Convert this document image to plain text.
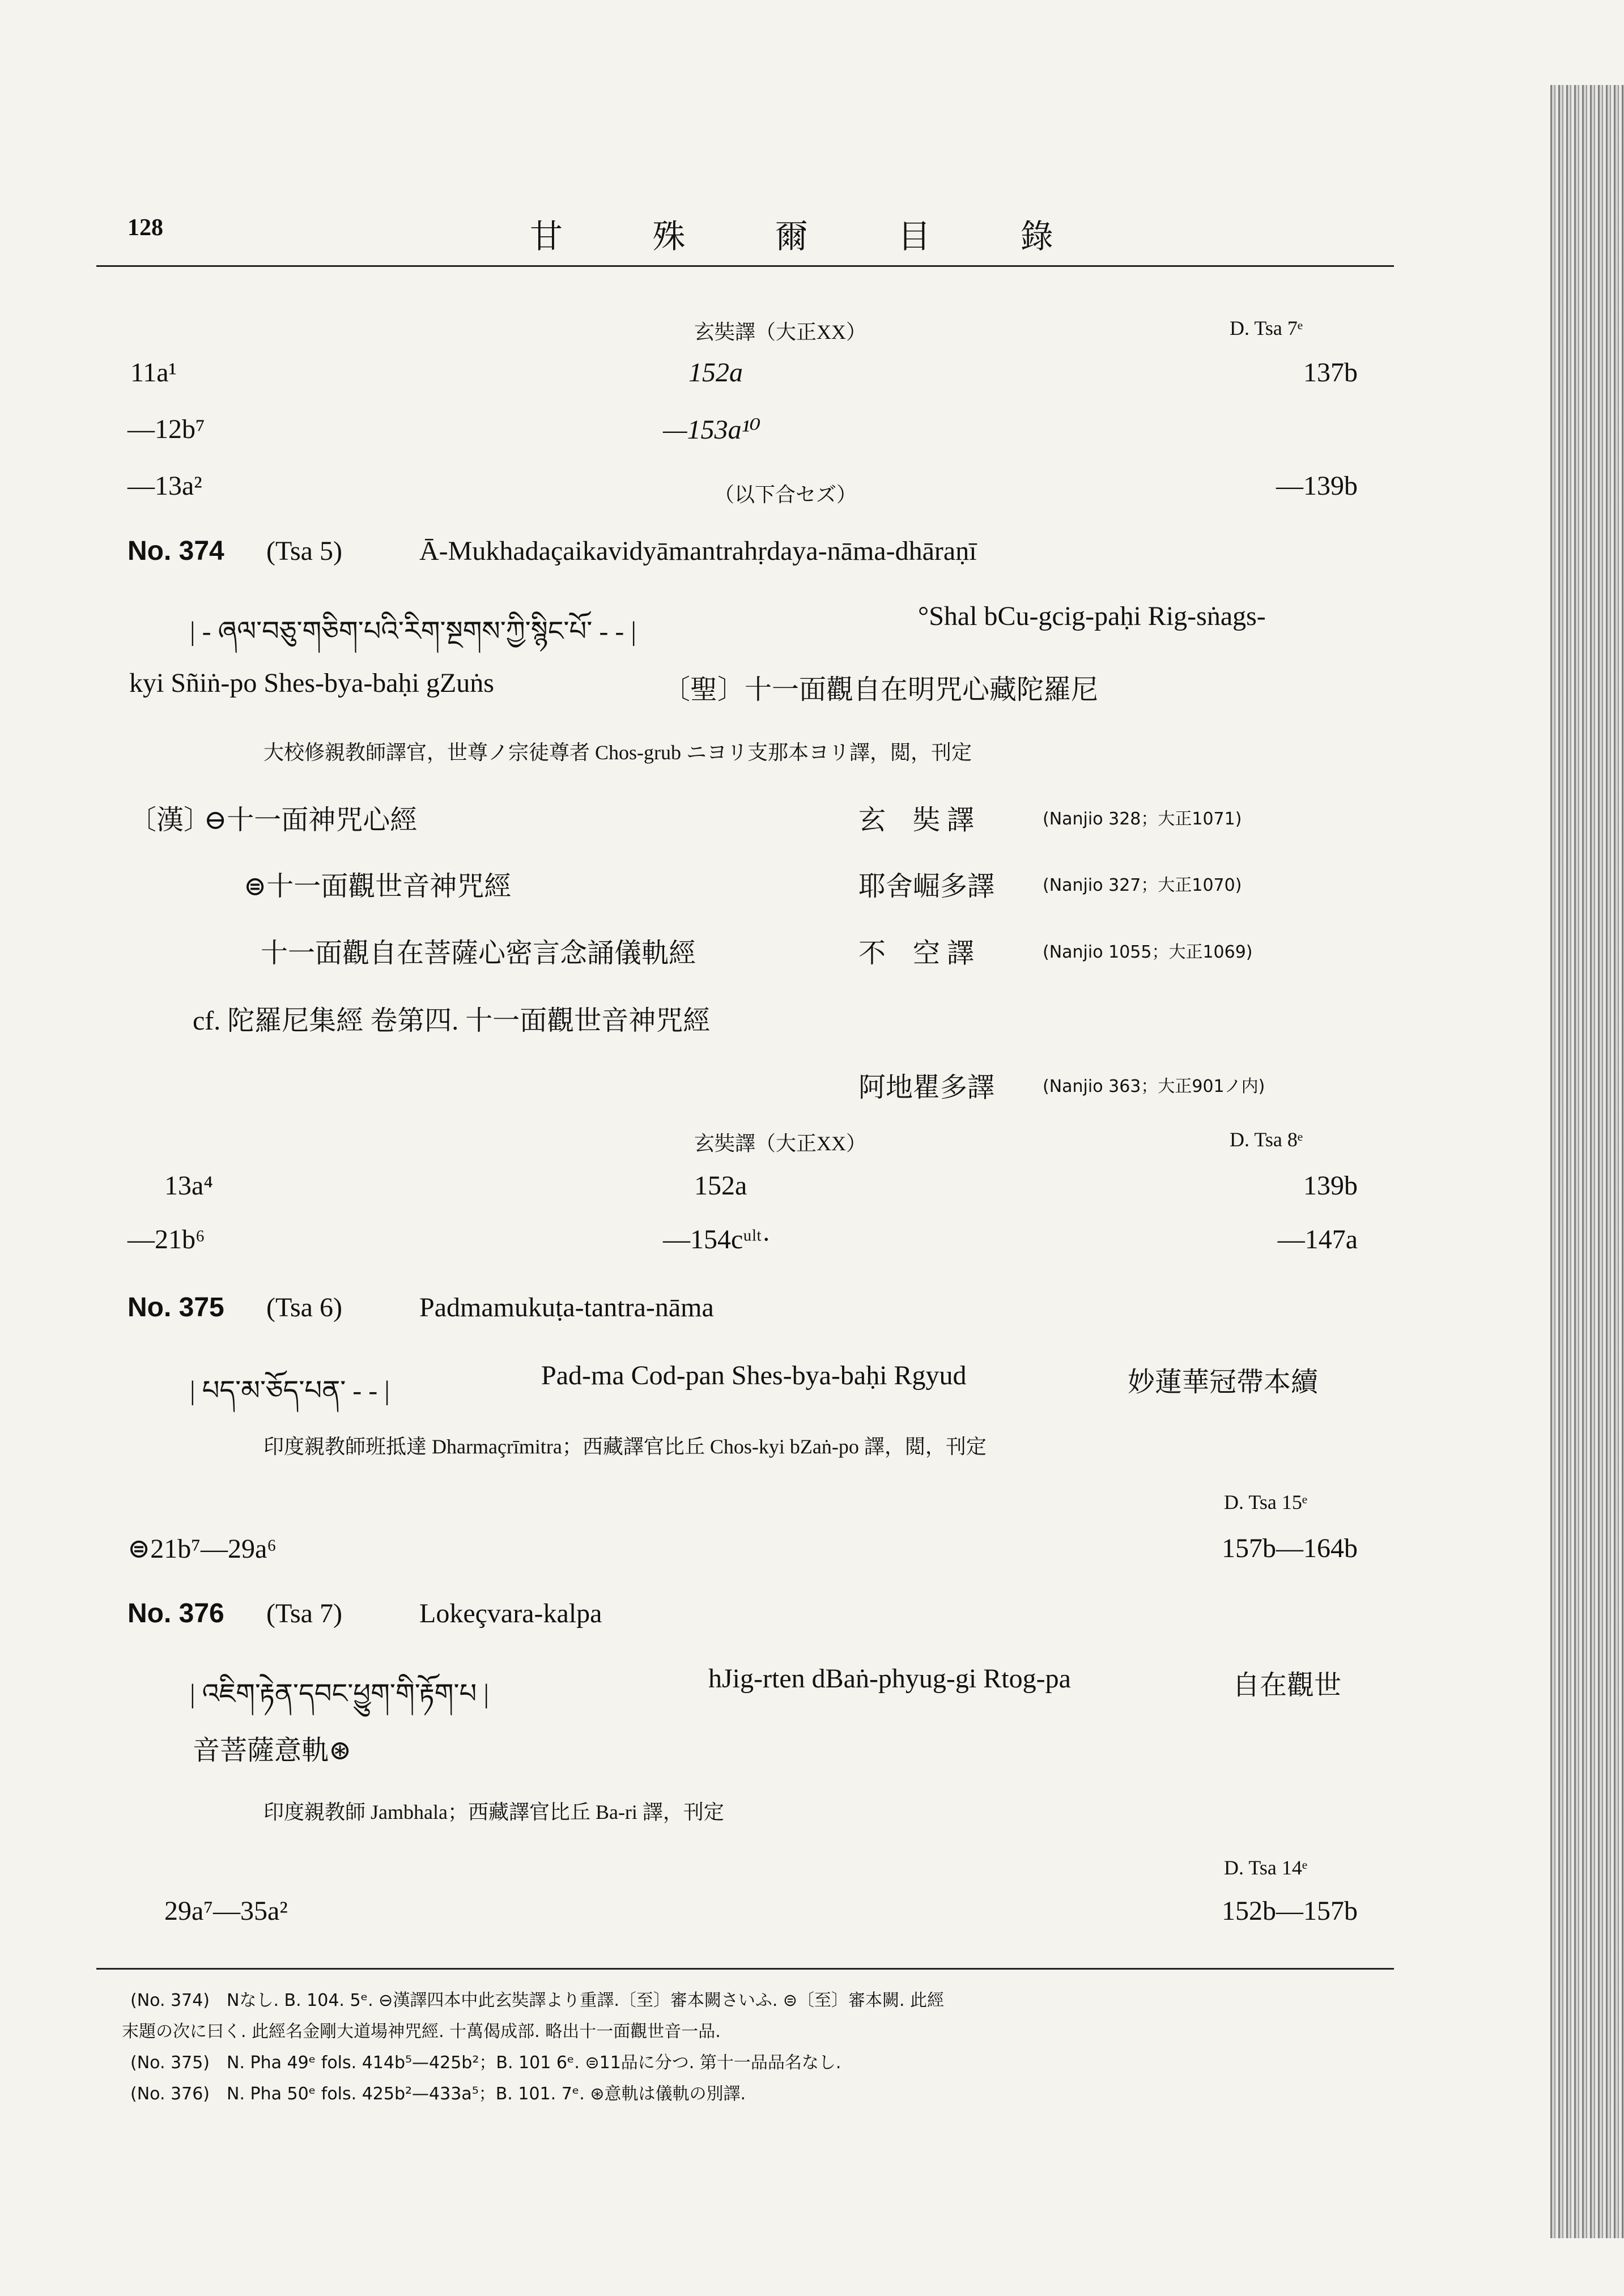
128	甘 殊 爾 目 錄
玄奘譯（大正XX）	D. Tsa 7ᵉ
11a¹	152a	137b
—12b⁷	—153a¹⁰
—13a²	（以下合セズ）	—139b
No. 374 (Tsa 5)	Ā-Mukhadaçaikavidyāmantrahṛdaya-nāma-dhāraṇī
| - ཞལ་བཅུ་གཅིག་པའི་རིག་སྔགས་ཀྱི་སྙིང་པོ་ - - |
°Shal bCu-gcig-paḥi Rig-sṅags-
kyi Sñiṅ-po Shes-bya-baḥi gZuṅs	〔聖〕十一面觀自在明咒心藏陀羅尼
大校修親教師譯官，世尊ノ宗徒尊者 Chos-grub ニヨリ支那本ヨリ譯，閲，刊定
〔漢〕
⊖十一面神咒心經	玄　奘 譯	(Nanjio 328；大正1071)
⊜十一面觀世音神咒經	耶舍崛多譯	(Nanjio 327；大正1070)
十一面觀自在菩薩心密言念誦儀軌經	不　空 譯	(Nanjio 1055；大正1069)
cf. 陀羅尼集經 卷第四. 十一面觀世音神咒經
阿地瞿多譯	(Nanjio 363；大正901ノ内)
玄奘譯（大正XX）	D. Tsa 8ᵉ
13a⁴	152a	139b
—21b⁶	—154cᵘˡᵗ·	—147a
No. 375 (Tsa 6)	Padmamukuṭa-tantra-nāma
| པད་མ་ཅོད་པན་ - - |
Pad-ma Cod-pan Shes-bya-baḥi Rgyud	妙蓮華冠帶本續
印度親教師班抵達 Dharmaçrīmitra；西藏譯官比丘 Chos-kyi bZaṅ-po 譯，閲，刊定
D. Tsa 15ᵉ
⊜21b⁷—29a⁶	157b—164b
No. 376 (Tsa 7)	Lokeçvara-kalpa
| འཇིག་རྟེན་དབང་ཕྱུག་གི་རྟོག་པ |
hJig-rten dBaṅ-phyug-gi Rtog-pa	自在觀世
音菩薩意軌⊛
印度親教師 Jambhala；西藏譯官比丘 Ba-ri 譯，刊定
D. Tsa 14ᵉ
29a⁷—35a²	152b—157b
(No. 374)　Nなし. B. 104. 5ᵉ. ⊖漢譯四本中此玄奘譯より重譯.〔至〕審本闕さいふ. ⊜〔至〕審本闕. 此經
末題の次に曰く. 此經名金剛大道場神咒經. 十萬偈成部. 略出十一面觀世音一品.
(No. 375)　N. Pha 49ᵉ fols. 414b⁵—425b²；B. 101 6ᵉ. ⊜11品に分つ. 第十一品品名なし.
(No. 376)　N. Pha 50ᵉ fols. 425b²—433a⁵；B. 101. 7ᵉ. ⊛意軌は儀軌の別譯.
